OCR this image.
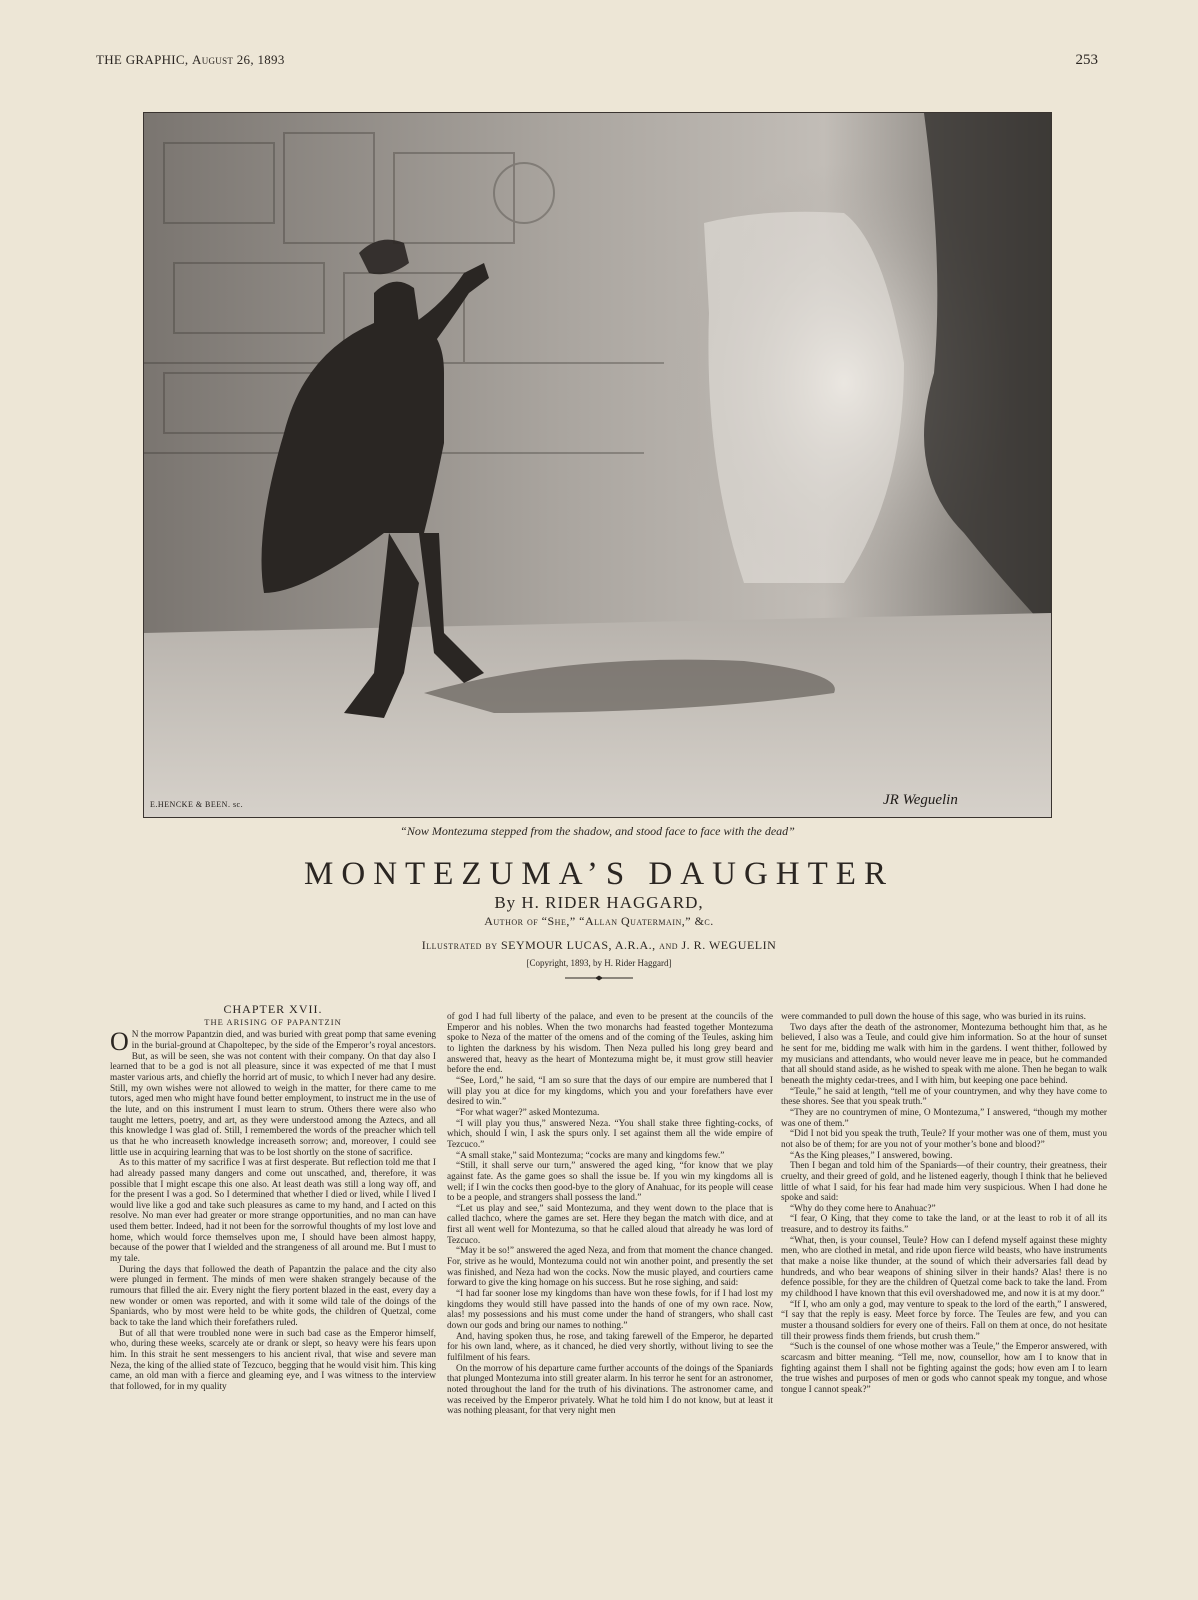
THE GRAPHIC, August 26, 1893	253
E.HENCKE & BEEN. sc.	JR Weguelin
“Now Montezuma stepped from the shadow, and stood face to face with the dead”
MONTEZUMA’S DAUGHTER
By H. RIDER HAGGARD,
Author of “She,” “Allan Quatermain,” &c.
Illustrated by SEYMOUR LUCAS, A.R.A., and J. R. WEGUELIN
[Copyright, 1893, by H. Rider Haggard]
CHAPTER XVII.
THE ARISING OF PAPANTZIN
O N the morrow Papantzin died, and was buried with great pomp that same evening in the burial-ground at Chapoltepec, by the side of the Emperor’s royal ancestors. But, as will be seen, she was not content with their company. On that day also I learned that to be a god is not all pleasure, since it was expected of me that I must master various arts, and chiefly the horrid art of music, to which I never had any desire. Still, my own wishes were not allowed to weigh in the matter, for there came to me tutors, aged men who might have found better employment, to instruct me in the use of the lute, and on this instrument I must learn to strum. Others there were also who taught me letters, poetry, and art, as they were understood among the Aztecs, and all this knowledge I was glad of. Still, I remembered the words of the preacher which tell us that he who increaseth knowledge increaseth sorrow; and, moreover, I could see little use in acquiring learning that was to be lost shortly on the stone of sacrifice.

As to this matter of my sacrifice I was at first desperate. But reflection told me that I had already passed many dangers and come out unscathed, and, therefore, it was possible that I might escape this one also. At least death was still a long way off, and for the present I was a god. So I determined that whether I died or lived, while I lived I would live like a god and take such pleasures as came to my hand, and I acted on this resolve. No man ever had greater or more strange opportunities, and no man can have used them better. Indeed, had it not been for the sorrowful thoughts of my lost love and home, which would force themselves upon me, I should have been almost happy, because of the power that I wielded and the strangeness of all around me. But I must to my tale.

During the days that followed the death of Papantzin the palace and the city also were plunged in ferment. The minds of men were shaken strangely because of the rumours that filled the air. Every night the fiery portent blazed in the east, every day a new wonder or omen was reported, and with it some wild tale of the doings of the Spaniards, who by most were held to be white gods, the children of Quetzal, come back to take the land which their forefathers ruled.

But of all that were troubled none were in such bad case as the Emperor himself, who, during these weeks, scarcely ate or drank or slept, so heavy were his fears upon him. In this strait he sent messengers to his ancient rival, that wise and severe man Neza, the king of the allied state of Tezcuco, begging that he would visit him. This king came, an old man with a fierce and gleaming eye, and I was witness to the interview that followed, for in my quality

of god I had full liberty of the palace, and even to be present at the councils of the Emperor and his nobles. When the two monarchs had feasted together Montezuma spoke to Neza of the matter of the omens and of the coming of the Teules, asking him to lighten the darkness by his wisdom. Then Neza pulled his long grey beard and answered that, heavy as the heart of Montezuma might be, it must grow still heavier before the end.

“See, Lord,” he said, “I am so sure that the days of our empire are numbered that I will play you at dice for my kingdoms, which you and your forefathers have ever desired to win.”

“For what wager?” asked Montezuma.

“I will play you thus,” answered Neza. “You shall stake three fighting-cocks, of which, should I win, I ask the spurs only. I set against them all the wide empire of Tezcuco.”

“A small stake,” said Montezuma; “cocks are many and kingdoms few.”

“Still, it shall serve our turn,” answered the aged king, “for know that we play against fate. As the game goes so shall the issue be. If you win my kingdoms all is well; if I win the cocks then good-bye to the glory of Anahuac, for its people will cease to be a people, and strangers shall possess the land.”

“Let us play and see,” said Montezuma, and they went down to the place that is called tlachco, where the games are set. Here they began the match with dice, and at first all went well for Montezuma, so that he called aloud that already he was lord of Tezcuco.

“May it be so!” answered the aged Neza, and from that moment the chance changed. For, strive as he would, Montezuma could not win another point, and presently the set was finished, and Neza had won the cocks. Now the music played, and courtiers came forward to give the king homage on his success. But he rose sighing, and said:

“I had far sooner lose my kingdoms than have won these fowls, for if I had lost my kingdoms they would still have passed into the hands of one of my own race. Now, alas! my possessions and his must come under the hand of strangers, who shall cast down our gods and bring our names to nothing.”

And, having spoken thus, he rose, and taking farewell of the Emperor, he departed for his own land, where, as it chanced, he died very shortly, without living to see the fulfilment of his fears.

On the morrow of his departure came further accounts of the doings of the Spaniards that plunged Montezuma into still greater alarm. In his terror he sent for an astronomer, noted throughout the land for the truth of his divinations. The astronomer came, and was received by the Emperor privately. What he told him I do not know, but at least it was nothing pleasant, for that very night men

were commanded to pull down the house of this sage, who was buried in its ruins.

Two days after the death of the astronomer, Montezuma bethought him that, as he believed, I also was a Teule, and could give him information. So at the hour of sunset he sent for me, bidding me walk with him in the gardens. I went thither, followed by my musicians and attendants, who would never leave me in peace, but he commanded that all should stand aside, as he wished to speak with me alone. Then he began to walk beneath the mighty cedar-trees, and I with him, but keeping one pace behind.

“Teule,” he said at length, “tell me of your countrymen, and why they have come to these shores. See that you speak truth.”

“They are no countrymen of mine, O Montezuma,” I answered, “though my mother was one of them.”

“Did I not bid you speak the truth, Teule? If your mother was one of them, must you not also be of them; for are you not of your mother’s bone and blood?”

“As the King pleases,” I answered, bowing.

Then I began and told him of the Spaniards—of their country, their greatness, their cruelty, and their greed of gold, and he listened eagerly, though I think that he believed little of what I said, for his fear had made him very suspicious. When I had done he spoke and said:

“Why do they come here to Anahuac?”

“I fear, O King, that they come to take the land, or at the least to rob it of all its treasure, and to destroy its faiths.”

“What, then, is your counsel, Teule? How can I defend myself against these mighty men, who are clothed in metal, and ride upon fierce wild beasts, who have instruments that make a noise like thunder, at the sound of which their adversaries fall dead by hundreds, and who bear weapons of shining silver in their hands? Alas! there is no defence possible, for they are the children of Quetzal come back to take the land. From my childhood I have known that this evil overshadowed me, and now it is at my door.”

“If I, who am only a god, may venture to speak to the lord of the earth,” I answered, “I say that the reply is easy. Meet force by force. The Teules are few, and you can muster a thousand soldiers for every one of theirs. Fall on them at once, do not hesitate till their prowess finds them friends, but crush them.”

“Such is the counsel of one whose mother was a Teule,” the Emperor answered, with scarcasm and bitter meaning. “Tell me, now, counsellor, how am I to know that in fighting against them I shall not be fighting against the gods; how even am I to learn the true wishes and purposes of men or gods who cannot speak my tongue, and whose tongue I cannot speak?”
